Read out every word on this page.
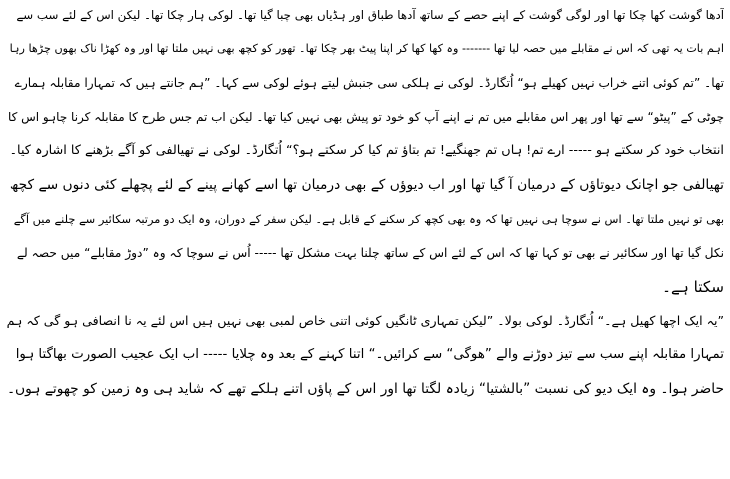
آدھا گوشت کھا چکا تھا اور لوگی گوشت کے اپنے حصے کے ساتھ آدھا طباق اور ہڈیاں بھی چبا گیا تھا۔ لوکی ہار چکا تھا۔ لیکن اس کے لئے سب سے
اہم بات یہ تھی کہ اس نے مقابلے میں حصہ لیا تھا ------- وہ کھا کھا کر اپنا پیٹ بھر چکا تھا۔ تھور کو کچھ بھی نہیں ملتا تھا اور وہ کھڑا ناک بھوں چڑھا رہا
تھا۔ ”تم کوئی اتنے خراب نہیں کھیلے ہو“ اُتگارڈ۔ لوکی نے ہلکی سی جنبش لیتے ہوئے لوکی سے کہا۔ ”ہم جانتے ہیں کہ تمہارا مقابلہ ہمارے
چوٹی کے ”پیٹو“ سے تھا اور پھر اس مقابلے میں تم نے اپنے آپ کو خود تو پیش بھی نہیں کیا تھا۔ لیکن اب تم جس طرح کا مقابلہ کرنا چاہو اس کا
انتخاب خود کر سکتے ہو ----- ارے تم! ہاں تم جھنگیے! تم بتاؤ تم کیا کر سکتے ہو؟“ اُتگارڈ۔ لوکی نے تھیالفی کو آگے بڑھنے کا اشارہ کیا۔
تھیالفی جو اچانک دیوتاؤں کے درمیان آ گیا تھا اور اب دیوؤں کے بھی درمیان تھا اسے کھانے پینے کے لئے پچھلے کئی دنوں سے کچھ
بھی تو نہیں ملتا تھا۔ اس نے سوچا ہی نہیں تھا کہ وہ بھی کچھ کر سکنے کے قابل ہے۔ لیکن سفر کے دوران، وہ ایک دو مرتبہ سکائیر سے چلنے میں آگے
نکل گیا تھا اور سکائیر نے بھی تو کہا تھا کہ اس کے لئے اس کے ساتھ چلنا بہت مشکل تھا ----- اُس نے سوچا کہ وہ ”دوڑ مقابلے“ میں حصہ لے
سکتا ہے۔
”یہ ایک اچھا کھیل ہے۔“ اُتگارڈ۔ لوکی بولا۔ ”لیکن تمہاری ٹانگیں کوئی اتنی خاص لمبی بھی نہیں ہیں اس لئے یہ نا انصافی ہو گی کہ ہم
تمہارا مقابلہ اپنے سب سے تیز دوڑنے والے ”ھوگی“ سے کرائیں۔“ اتنا کہنے کے بعد وہ چلایا ----- اب ایک عجیب الصورت بھاگتا ہوا
حاضر ہوا۔ وہ ایک دیو کی نسبت ”بالشتیا“ زیادہ لگتا تھا اور اس کے پاؤں اتنے ہلکے تھے کہ شاید ہی وہ زمین کو چھوتے ہوں۔
